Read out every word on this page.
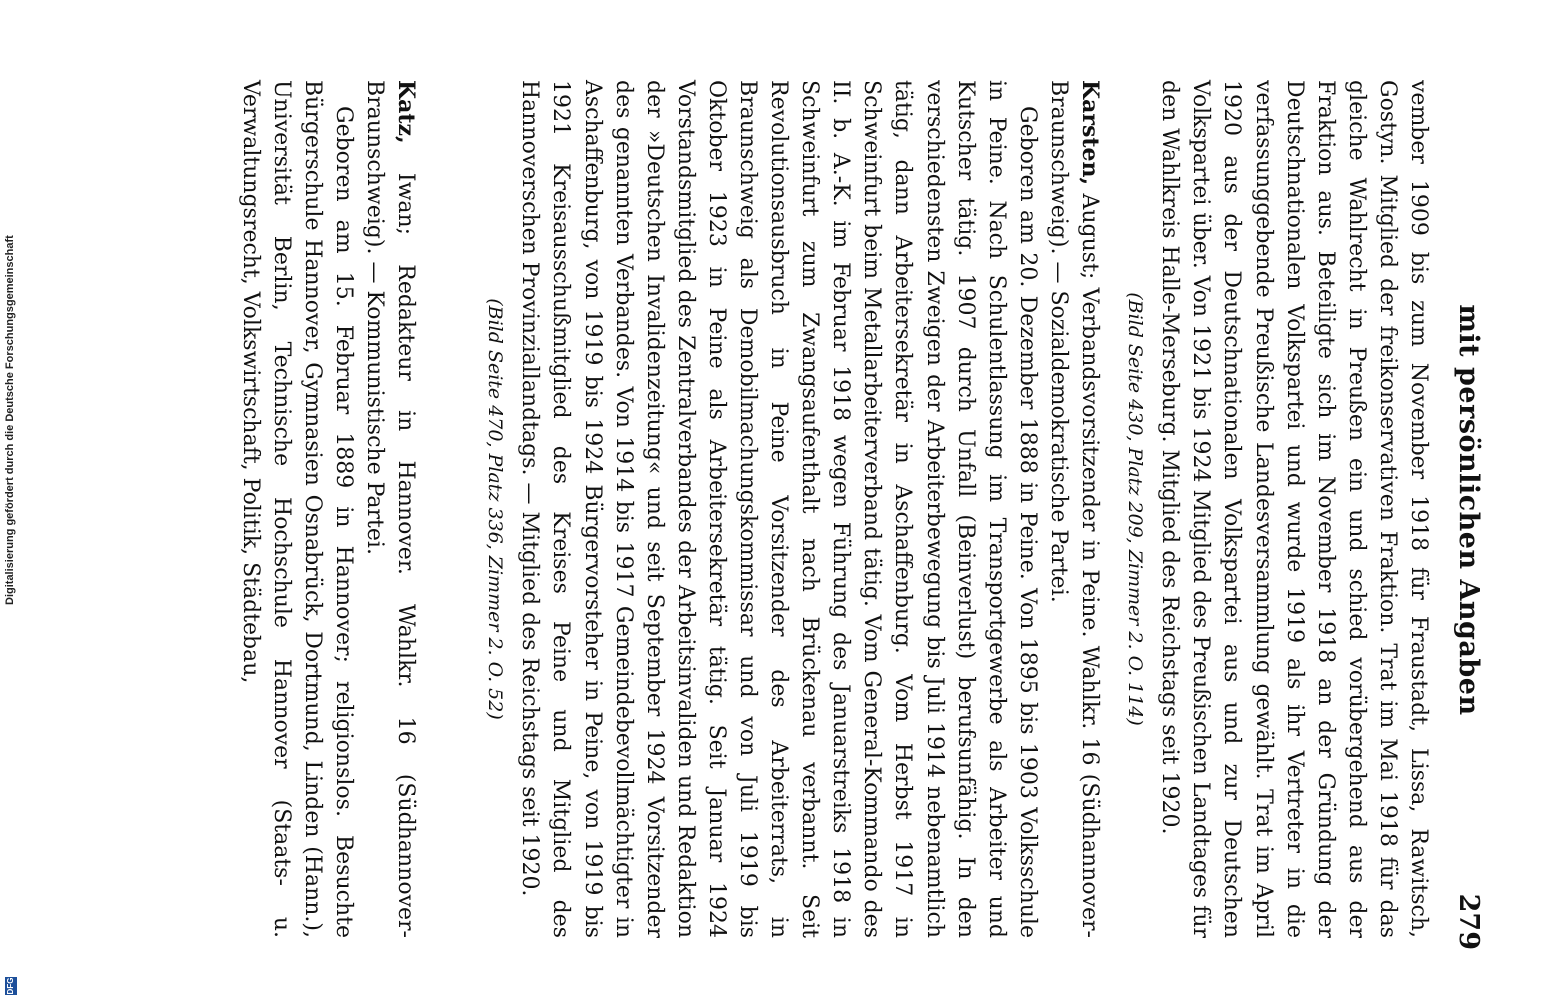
mit persönlichen Angaben
279

vember 1909 bis zum November 1918 für Fraustadt, Lissa, Rawitsch, Gostyn. Mitglied der freikonservativen Fraktion. Trat im Mai 1918 für das gleiche Wahlrecht in Preußen ein und schied vorübergehend aus der Fraktion aus. Beteiligte sich im November 1918 an der Gründung der Deutschnationalen Volkspartei und wurde 1919 als ihr Vertreter in die verfassunggebende Preußische Landesversammlung gewählt. Trat im April 1920 aus der Deutschnationalen Volkspartei aus und zur Deutschen Volkspartei über. Von 1921 bis 1924 Mitglied des Preußischen Landtages für den Wahlkreis Halle-Merseburg. Mitglied des Reichstags seit 1920.

(Bild Seite 430, Platz 209, Zimmer 2. O. 114)

Karsten, August; Verbandsvorsitzender in Peine. Wahlkr. 16 (Südhannover-Braunschweig). — Sozialdemokratische Partei.

Geboren am 20. Dezember 1888 in Peine. Von 1895 bis 1903 Volksschule in Peine. Nach Schulentlassung im Transportgewerbe als Arbeiter und Kutscher tätig. 1907 durch Unfall (Beinverlust) berufsunfähig. In den verschiedensten Zweigen der Arbeiterbewegung bis Juli 1914 nebenamtlich tätig, dann Arbeitersekretär in Aschaffenburg. Vom Herbst 1917 in Schweinfurt beim Metallarbeiterverband tätig. Vom General-Kommando des II. b. A.-K. im Februar 1918 wegen Führung des Januarstreiks 1918 in Schweinfurt zum Zwangsaufenthalt nach Brückenau verbannt. Seit Revolutionsausbruch in Peine Vorsitzender des Arbeiterrats, in Braunschweig als Demobilmachungskommissar und von Juli 1919 bis Oktober 1923 in Peine als Arbeitersekretär tätig. Seit Januar 1924 Vorstandsmitglied des Zentralverbandes der Arbeitsinvaliden und Redaktion der »Deutschen Invalidenzeitung« und seit September 1924 Vorsitzender des genannten Verbandes. Von 1914 bis 1917 Gemeindebevollmächtigter in Aschaffenburg, von 1919 bis 1924 Bürgervorsteher in Peine, von 1919 bis 1921 Kreisausschußmitglied des Kreises Peine und Mitglied des Hannoverschen Provinziallandtags. — Mitglied des Reichstags seit 1920.

(Bild Seite 470, Platz 336, Zimmer 2. O. 52)

Katz, Iwan; Redakteur in Hannover. Wahlkr. 16 (Südhannover-Braunschweig). — Kommunistische Partei.

Geboren am 15. Februar 1889 in Hannover; religionslos. Besuchte Bürgerschule Hannover, Gymnasien Osnabrück, Dortmund, Linden (Hann.), Universität Berlin, Technische Hochschule Hannover (Staats- u. Verwaltungsrecht, Volkswirtschaft, Politik, Städtebau,

Digitalisierung gefördert durch die Deutsche Forschungsgemeinschaft
DFG
